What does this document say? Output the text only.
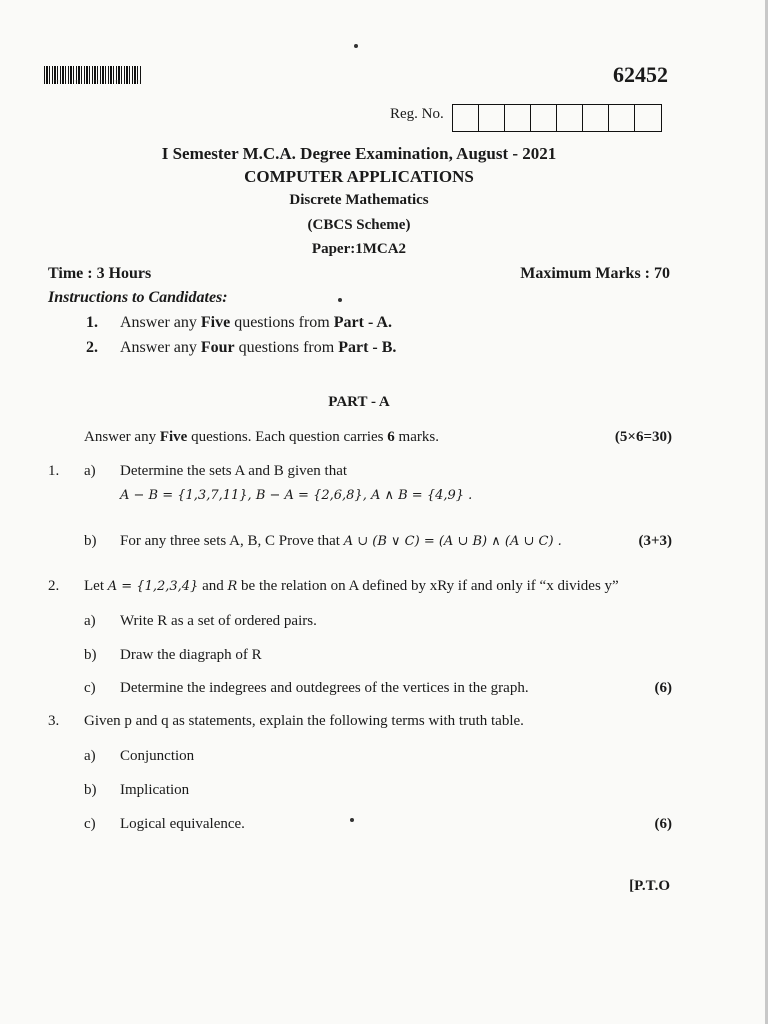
62452
Reg. No.
I Semester M.C.A. Degree Examination, August - 2021
COMPUTER APPLICATIONS
Discrete Mathematics
(CBCS Scheme)
Paper:1MCA2
Time : 3 Hours	Maximum Marks : 70
Instructions to Candidates:
1. Answer any Five questions from Part - A.
2. Answer any Four questions from Part - B.
PART - A
Answer any Five questions. Each question carries 6 marks.	(5×6=30)
1. a) Determine the sets A and B given that
A − B = {1,3,7,11}, B − A = {2,6,8}, A ∧ B = {4,9} .
b) For any three sets A, B, C Prove that A ∪ (B ∨ C) = (A ∪ B) ∧ (A ∪ C) .	(3+3)
2. Let A = {1,2,3,4} and R be the relation on A defined by xRy if and only if “x divides y”
a) Write R as a set of ordered pairs.
b) Draw the diagraph of R
c) Determine the indegrees and outdegrees of the vertices in the graph.	(6)
3. Given p and q as statements, explain the following terms with truth table.
a) Conjunction
b) Implication
c) Logical equivalence.	(6)
[P.T.O
